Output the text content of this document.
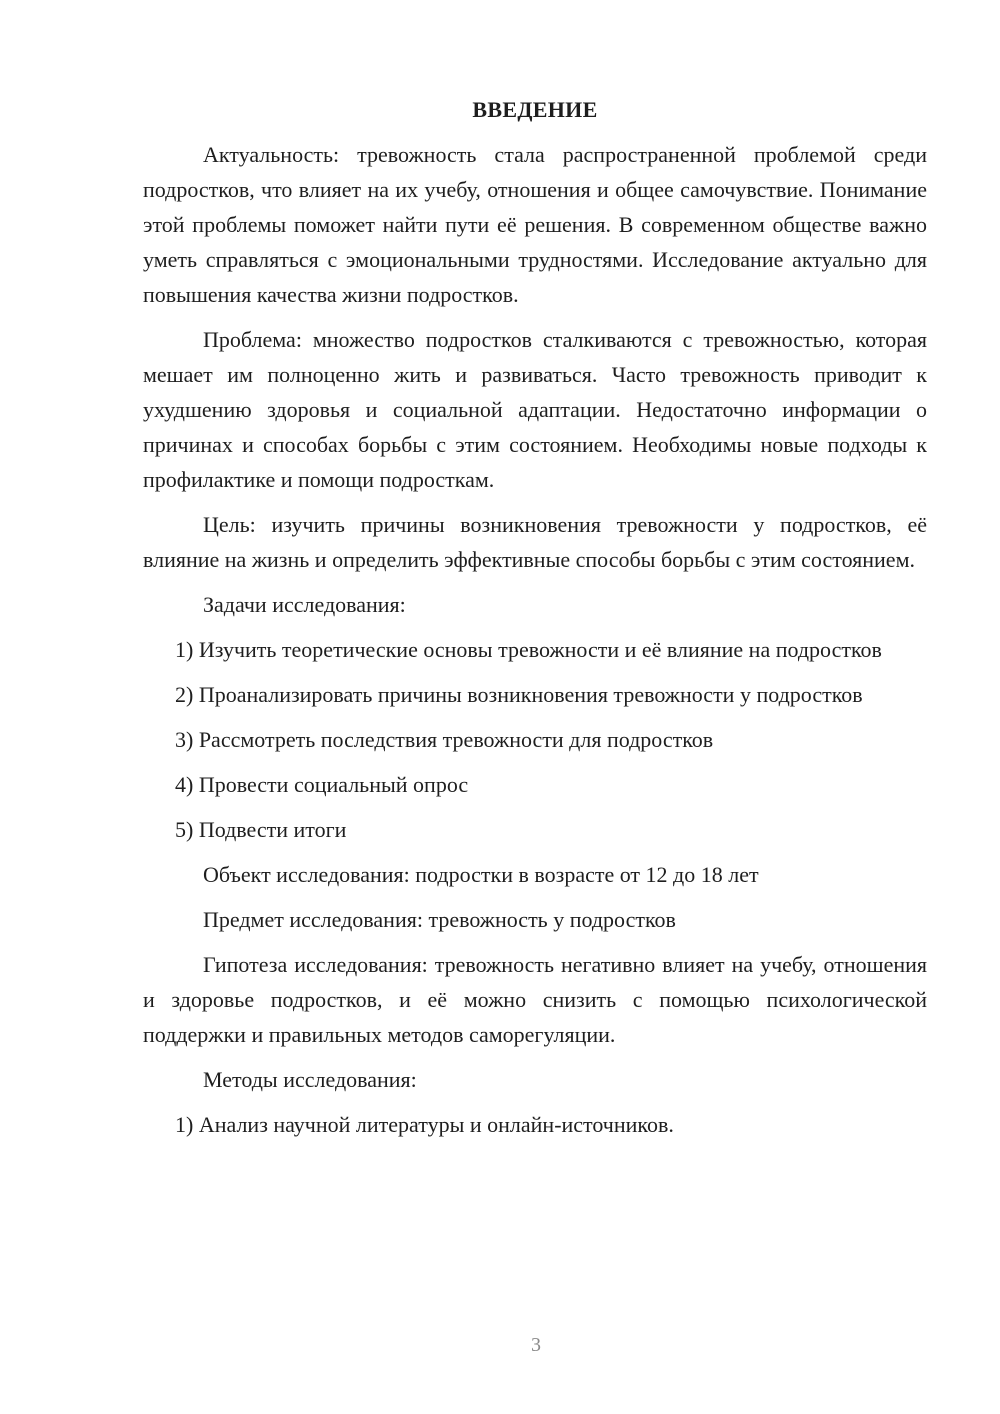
ВВЕДЕНИЕ

Актуальность: тревожность стала распространенной проблемой среди подростков, что влияет на их учебу, отношения и общее самочувствие. Понимание этой проблемы поможет найти пути её решения. В современном обществе важно уметь справляться с эмоциональными трудностями. Исследование актуально для повышения качества жизни подростков.

Проблема: множество подростков сталкиваются с тревожностью, которая мешает им полноценно жить и развиваться. Часто тревожность приводит к ухудшению здоровья и социальной адаптации. Недостаточно информации о причинах и способах борьбы с этим состоянием. Необходимы новые подходы к профилактике и помощи подросткам.

Цель: изучить причины возникновения тревожности у подростков, её влияние на жизнь и определить эффективные способы борьбы с этим состоянием.

Задачи исследования:

1) Изучить теоретические основы тревожности и её влияние на подростков

2) Проанализировать причины возникновения тревожности у подростков

3) Рассмотреть последствия тревожности для подростков

4) Провести социальный опрос

5) Подвести итоги

Объект исследования: подростки в возрасте от 12 до 18 лет

Предмет исследования: тревожность у подростков

Гипотеза исследования: тревожность негативно влияет на учебу, отношения и здоровье подростков, и её можно снизить с помощью психологической поддержки и правильных методов саморегуляции.

Методы исследования:

1) Анализ научной литературы и онлайн-источников.

3
